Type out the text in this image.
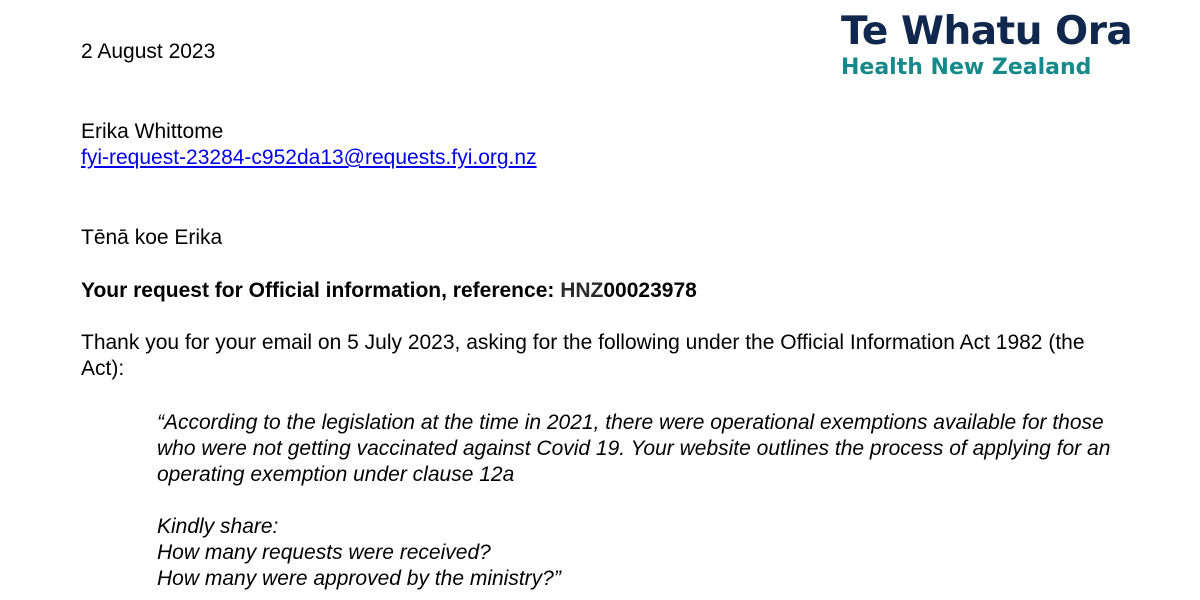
Te Whatu Ora
Health New Zealand

2 August 2023

Erika Whittome

fyi-request-23284-c952da13@requests.fyi.org.nz

Tēnā koe Erika

Your request for Official information, reference: HNZ00023978

Thank you for your email on 5 July 2023, asking for the following under the Official Information Act 1982 (the Act):

“According to the legislation at the time in 2021, there were operational exemptions available for those who were not getting vaccinated against Covid 19. Your website outlines the process of applying for an operating exemption under clause 12a

Kindly share:

How many requests were received?

How many were approved by the ministry?”
